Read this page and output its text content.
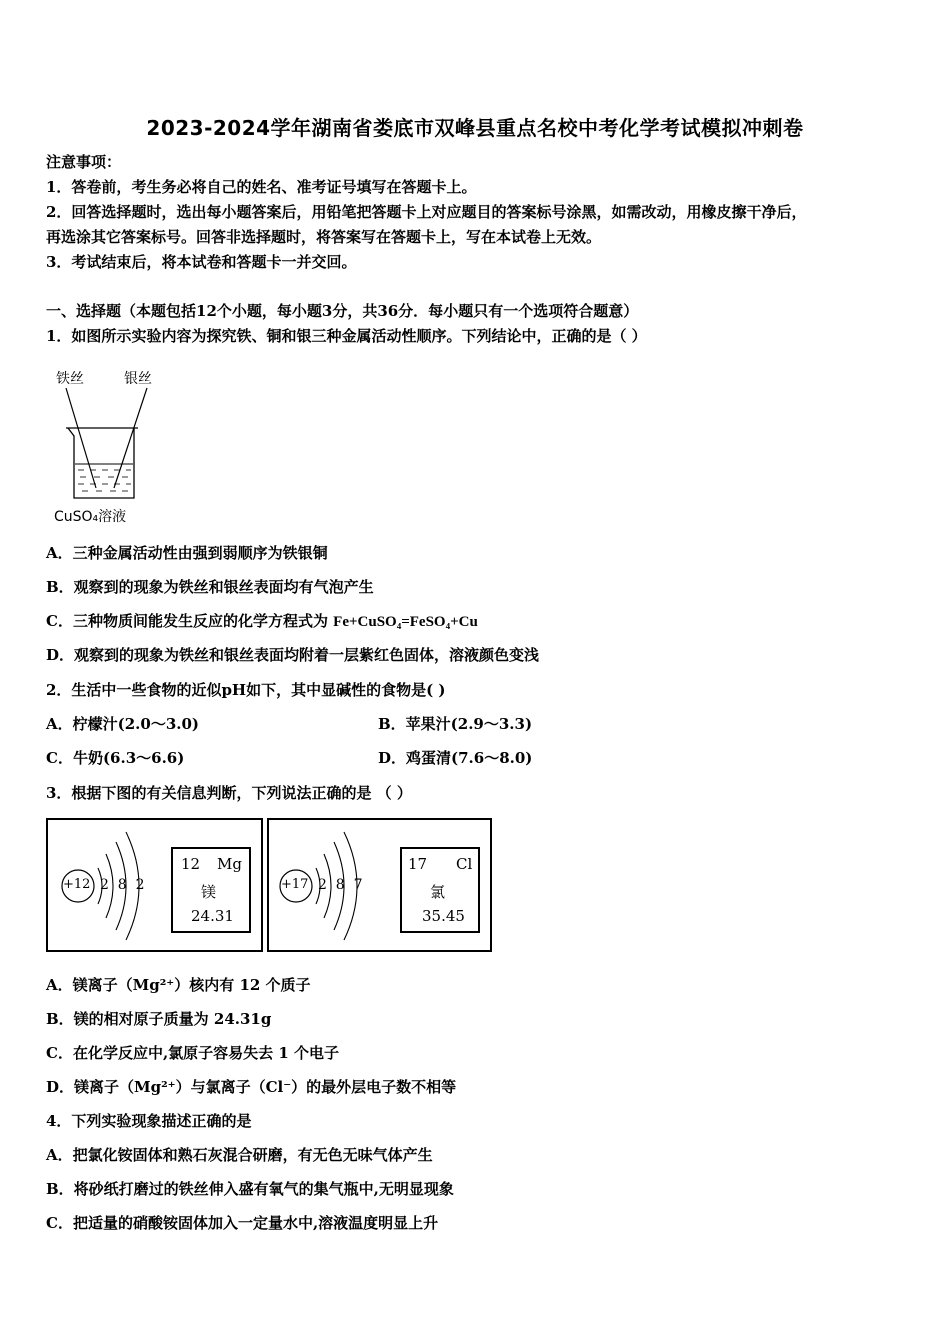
2023-2024学年湖南省娄底市双峰县重点名校中考化学考试模拟冲刺卷
注意事项：
1．答卷前，考生务必将自己的姓名、准考证号填写在答题卡上。
2．回答选择题时，选出每小题答案后，用铅笔把答题卡上对应题目的答案标号涂黑，如需改动，用橡皮擦干净后，
再选涂其它答案标号。回答非选择题时，将答案写在答题卡上，写在本试卷上无效。
3．考试结束后，将本试卷和答题卡一并交回。
一、选择题（本题包括12个小题，每小题3分，共36分．每小题只有一个选项符合题意）
1．如图所示实验内容为探究铁、铜和银三种金属活动性顺序。下列结论中，正确的是（ ）
铁丝	银丝
CuSO₄溶液
A．三种金属活动性由强到弱顺序为铁银铜
B．观察到的现象为铁丝和银丝表面均有气泡产生
C．三种物质间能发生反应的化学方程式为 Fe+CuSO₄=FeSO₄+Cu
D．观察到的现象为铁丝和银丝表面均附着一层紫红色固体，溶液颜色变浅
2．生活中一些食物的近似pH如下，其中显碱性的食物是( )
A．柠檬汁(2.0～3.0)	B．苹果汁(2.9～3.3)
C．牛奶(6.3～6.6)	D．鸡蛋清(7.6～8.0)
3．根据下图的有关信息判断，下列说法正确的是 （ ）
+12 2  8  2
12 Mg
镁
24.31
+17 2  8  7
17 Cl
氯
35.45
A．镁离子（Mg²⁺）核内有 12 个质子
B．镁的相对原子质量为 24.31g
C．在化学反应中,氯原子容易失去 1 个电子
D．镁离子（Mg²⁺）与氯离子（Cl⁻）的最外层电子数不相等
4．下列实验现象描述正确的是
A．把氯化铵固体和熟石灰混合研磨，有无色无味气体产生
B．将砂纸打磨过的铁丝伸入盛有氧气的集气瓶中,无明显现象
C．把适量的硝酸铵固体加入一定量水中,溶液温度明显上升
